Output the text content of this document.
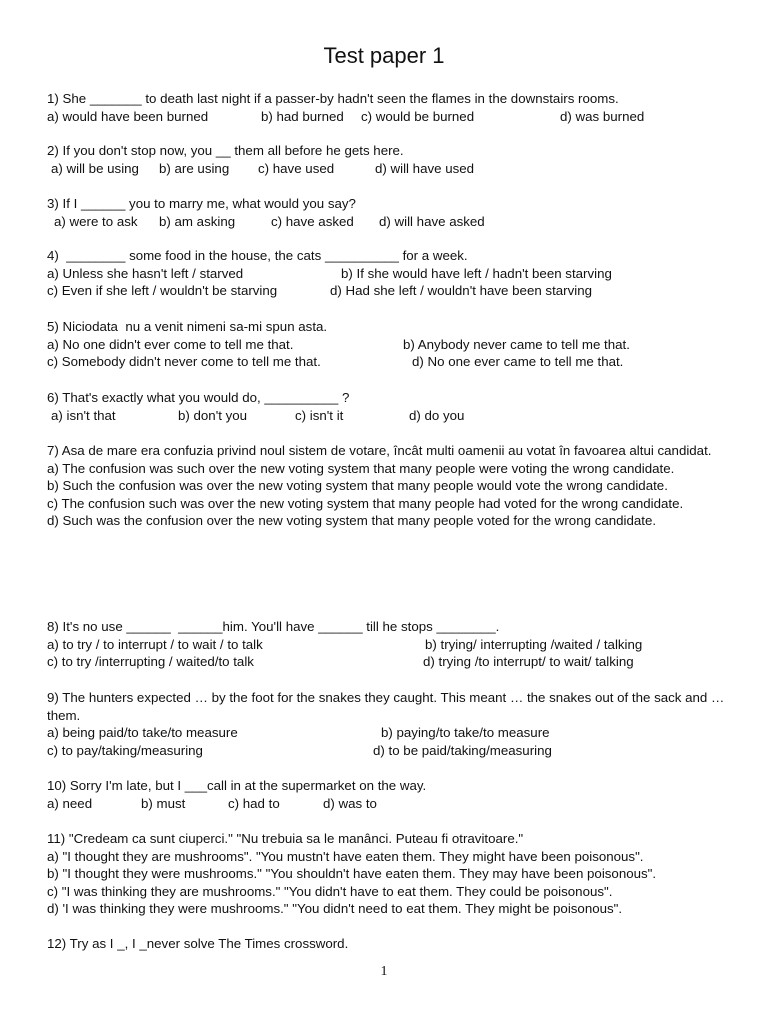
Test paper 1
1) She _______ to death last night if a passer-by hadn't seen the flames in the downstairs rooms.

a) would have been burned

	b) had burned

c) would be burned

	d) was burned

2) If you don't stop now, you __ them all before he gets here.

a) will be using

b) are using

c) have used

	d) will have used

3) If I ______ you to marry me, what would you say?

a) were to ask

b) am asking

	c) have asked

d) will have asked

4)  ________ some food in the house, the cats __________ for a week.

a) Unless she hasn't left / starved

	b) If she would have left / hadn't been starving

c) Even if she left / wouldn't be starving

	d) Had she left / wouldn't have been starving

5) Niciodata  nu a venit nimeni sa-mi spun asta.

a) No one didn't ever come to tell me that.

	b) Anybody never came to tell me that.

c) Somebody didn't never come to tell me that.

	d) No one ever came to tell me that.

6) That's exactly what you would do, __________ ?

a) isn't that

	b) don't you

	c) isn't it

	d) do you

7) Asa de mare era confuzia privind noul sistem de votare, încât multi oamenii au votat în favoarea altui candidat.
a) The confusion was such over the new voting system that many people were voting the wrong candidate.
b) Such the confusion was over the new voting system that many people would vote the wrong candidate.
c) The confusion such was over the new voting system that many people had voted for the wrong candidate.
d) Such was the confusion over the new voting system that many people voted for the wrong candidate.
8) It's no use ______  ______him. You'll have ______ till he stops ________.

a) to try / to interrupt / to wait / to talk

	b) trying/ interrupting /waited / talking

c) to try /interrupting / waited/to talk

	d) trying /to interrupt/ to wait/ talking

9) The hunters expected … by the foot for the snakes they caught. This meant … the snakes out of the sack and … them.

a) being paid/to take/to measure

	b) paying/to take/to measure

c) to pay/taking/measuring

	d) to be paid/taking/measuring

10) Sorry I'm late, but I ___call in at the supermarket on the way.

a) need

	b) must

	c) had to

	d) was to

11) "Credeam ca sunt ciuperci." "Nu trebuia sa le manânci. Puteau fi otravitoare."
a) "I thought they are mushrooms". "You mustn't have eaten them. They might have been poisonous".
b) "I thought they were mushrooms." "You shouldn't have eaten them. They may have been poisonous".
c) "I was thinking they are mushrooms." "You didn't have to eat them. They could be poisonous".
d) 'I was thinking they were mushrooms." "You didn't need to eat them. They might be poisonous".
12) Try as I _, I _never solve The Times crossword.
1
